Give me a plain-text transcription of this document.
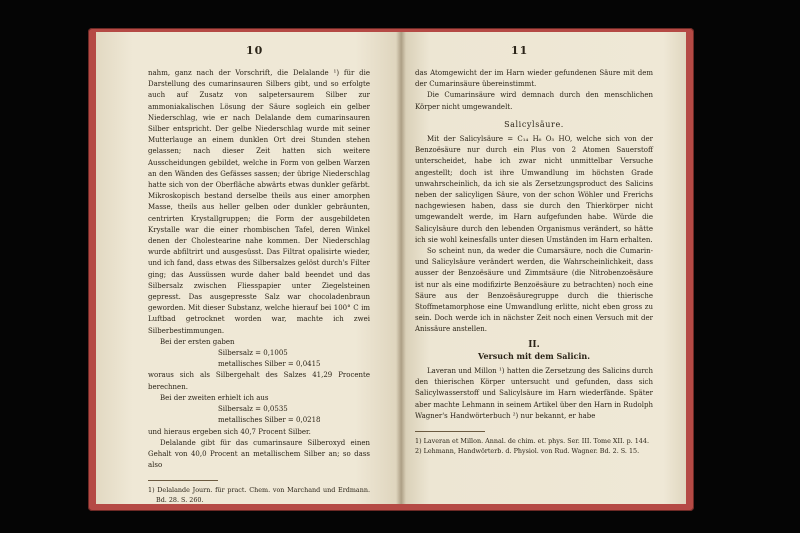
10

nahm, ganz nach der Vorschrift, die Delalande ¹) für die Darstellung des cumarinsauren Silbers gibt, und so erfolgte auch auf Zusatz von salpetersaurem Silber zur ammoniakalischen Lösung der Säure sogleich ein gelber Niederschlag, wie er nach Delalande dem cumarinsauren Silber entspricht. Der gelbe Niederschlag wurde mit seiner Mutterlauge an einem dunklen Ort drei Stunden stehen gelassen; nach dieser Zeit hatten sich weitere Ausscheidungen gebildet, welche in Form von gelben Warzen an den Wänden des Gefässes sassen; der übrige Niederschlag hatte sich von der Oberfläche abwärts etwas dunkler gefärbt. Mikroskopisch bestand derselbe theils aus einer amorphen Masse, theils aus heller gelben oder dunkler gebräunten, centrirten Krystallgruppen; die Form der ausgebildeten Krystalle war die einer rhombischen Tafel, deren Winkel denen der Cholestearine nahe kommen. Der Niederschlag wurde abfiltrirt und ausgesüsst. Das Filtrat opalisirte wieder, und ich fand, dass etwas des Silbersalzes gelöst durch's Filter ging; das Aussüssen wurde daher bald beendet und das Silbersalz zwischen Fliesspapier unter Ziegelsteinen gepresst. Das ausgepresste Salz war chocoladenbraun geworden. Mit dieser Substanz, welche hierauf bei 100° C im Luftbad getrocknet worden war, machte ich zwei Silberbestimmungen.

Bei der ersten gaben

Silbersalz = 0,1005

metallisches Silber = 0,0415

woraus sich als Silbergehalt des Salzes 41,29 Procente berechnen.

Bei der zweiten erhielt ich aus

Silbersalz = 0,0535

metallisches Silber = 0,0218

und hieraus ergeben sich 40,7 Procent Silber.

Delalande gibt für das cumarinsaure Silberoxyd einen Gehalt von 40,0 Procent an metallischem Silber an; so dass also

1) Delalande Journ. für pract. Chem. von Marchand und Erdmann. Bd. 28. S. 260.

11

das Atomgewicht der im Harn wieder gefundenen Säure mit dem der Cumarinsäure übereinstimmt.

Die Cumarinsäure wird demnach durch den menschlichen Körper nicht umgewandelt.

Salicylsäure.

Mit der Salicylsäure = C₁₄ H₆ O₅ HO, welche sich von der Benzoësäure nur durch ein Plus von 2 Atomen Sauerstoff unterscheidet, habe ich zwar nicht unmittelbar Versuche angestellt; doch ist ihre Umwandlung im höchsten Grade unwahrscheinlich, da ich sie als Zersetzungsproduct des Salicins neben der salicyligen Säure, von der schon Wöhler und Frerichs nachgewiesen haben, dass sie durch den Thierkörper nicht umgewandelt werde, im Harn aufgefunden habe. Würde die Salicylsäure durch den lebenden Organismus verändert, so hätte ich sie wohl keinesfalls unter diesen Umständen im Harn erhalten.

So scheint nun, da weder die Cumarsäure, noch die Cumarin- und Salicylsäure verändert werden, die Wahrscheinlichkeit, dass ausser der Benzoësäure und Zimmtsäure (die Nitrobenzoësäure ist nur als eine modifizirte Benzoësäure zu betrachten) noch eine Säure aus der Benzoësäuregruppe durch die thierische Stoffmetamorphose eine Umwandlung erlitte, nicht eben gross zu sein. Doch werde ich in nächster Zeit noch einen Versuch mit der Anissäure anstellen.

II.
Versuch mit dem Salicin.

Laveran und Millon ¹) hatten die Zersetzung des Salicins durch den thierischen Körper untersucht und gefunden, dass sich Salicylwasserstoff und Salicylsäure im Harn wiederfände. Später aber machte Lehmann in seinem Artikel über den Harn in Rudolph Wagner's Handwörterbuch ²) nur bekannt, er habe

1) Laveran et Millon. Annal. de chim. et. phys. Ser. III. Tome XII. p. 144.

2) Lehmann, Handwörterb. d. Physiol. von Rud. Wagner. Bd. 2. S. 15.
